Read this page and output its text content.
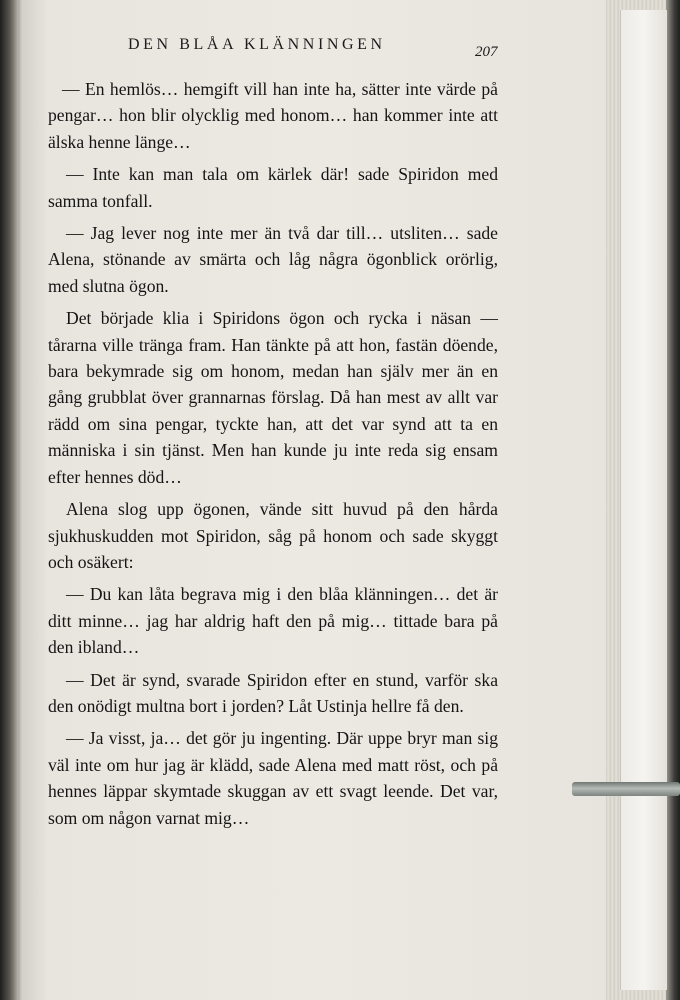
DEN BLÅA KLÄNNINGEN	207

— En hemlös… hemgift vill han inte ha, sätter inte värde på pengar… hon blir olycklig med honom… han kommer inte att älska henne länge…

— Inte kan man tala om kärlek där! sade Spiridon med samma tonfall.

— Jag lever nog inte mer än två dar till… utsliten… sade Alena, stönande av smärta och låg några ögonblick orörlig, med slutna ögon.

Det började klia i Spiridons ögon och rycka i näsan — tårarna ville tränga fram. Han tänkte på att hon, fastän döende, bara bekymrade sig om honom, medan han själv mer än en gång grubblat över grannarnas förslag. Då han mest av allt var rädd om sina pengar, tyckte han, att det var synd att ta en människa i sin tjänst. Men han kunde ju inte reda sig ensam efter hennes död…

Alena slog upp ögonen, vände sitt huvud på den hårda sjukhuskudden mot Spiridon, såg på honom och sade skyggt och osäkert:

— Du kan låta begrava mig i den blåa klänningen… det är ditt minne… jag har aldrig haft den på mig… tittade bara på den ibland…

— Det är synd, svarade Spiridon efter en stund, varför ska den onödigt multna bort i jorden? Låt Ustinja hellre få den.

— Ja visst, ja… det gör ju ingenting. Där uppe bryr man sig väl inte om hur jag är klädd, sade Alena med matt röst, och på hennes läppar skymtade skuggan av ett svagt leende. Det var, som om någon varnat mig…
